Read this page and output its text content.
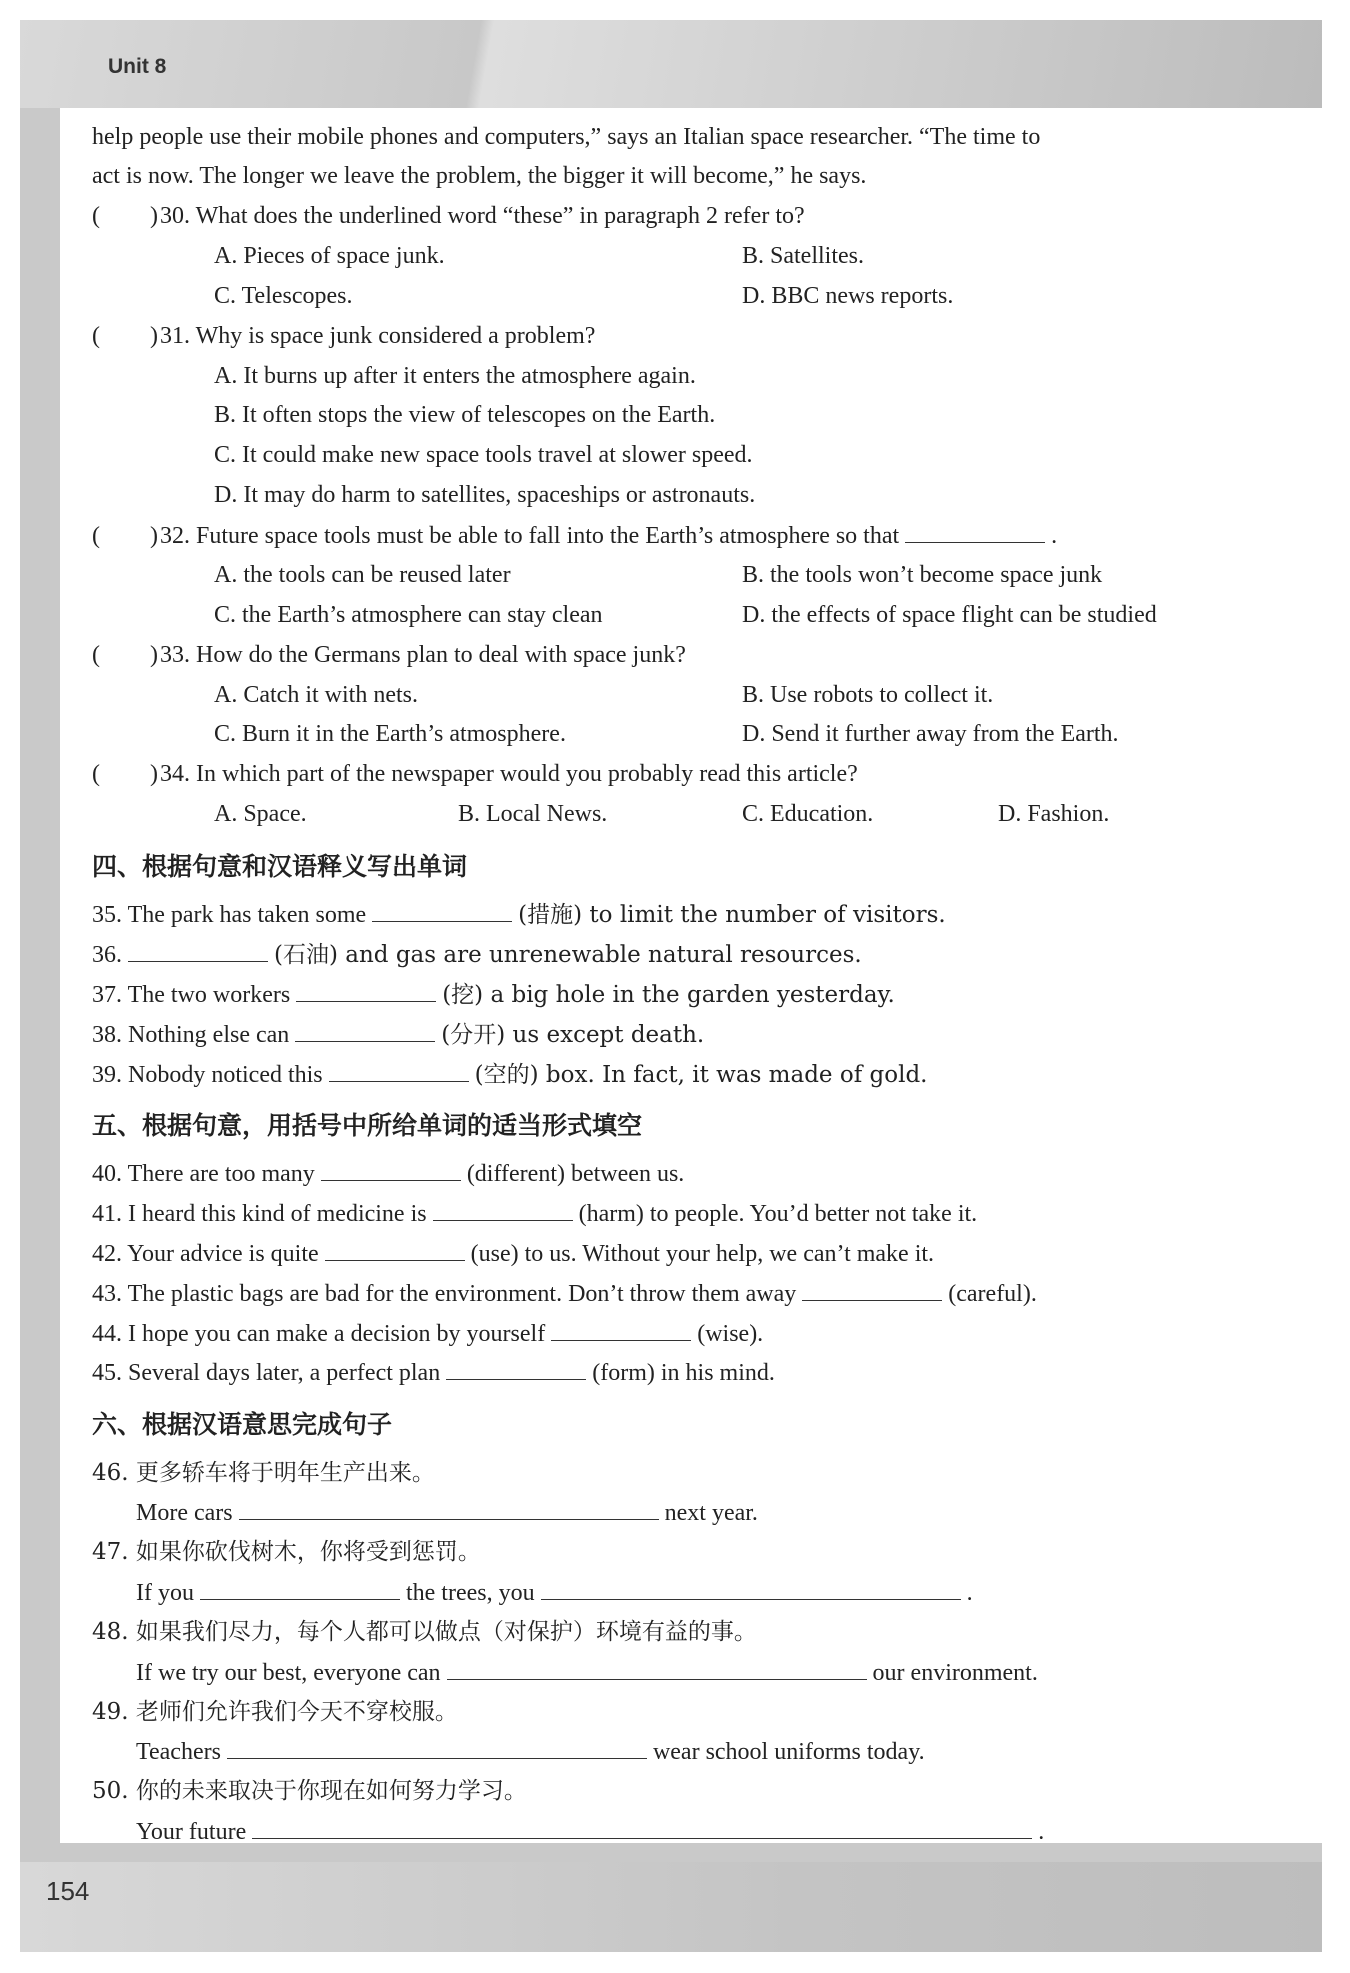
Unit 8
154
help people use their mobile phones and computers,” says an Italian space researcher. “The time to
act is now. The longer we leave the problem, the bigger it will become,” he says.
( ) 30. What does the underlined word “these” in paragraph 2 refer to?
A. Pieces of space junk.	B. Satellites.
C. Telescopes.	D. BBC news reports.
( ) 31. Why is space junk considered a problem?
A. It burns up after it enters the atmosphere again.
B. It often stops the view of telescopes on the Earth.
C. It could make new space tools travel at slower speed.
D. It may do harm to satellites, spaceships or astronauts.
( ) 32. Future space tools must be able to fall into the Earth’s atmosphere so that	.
A. the tools can be reused later	B. the tools won’t become space junk
C. the Earth’s atmosphere can stay clean	D. the effects of space flight can be studied
( ) 33. How do the Germans plan to deal with space junk?
A. Catch it with nets.	B. Use robots to collect it.
C. Burn it in the Earth’s atmosphere.	D. Send it further away from the Earth.
( ) 34. In which part of the newspaper would you probably read this article?
A. Space.	B. Local News.	C. Education.	D. Fashion.
四、根据句意和汉语释义写出单词
35. The park has taken some	(措施) to limit the number of visitors.
36.	(石油) and gas are unrenewable natural resources.
37. The two workers	(挖) a big hole in the garden yesterday.
38. Nothing else can	(分开) us except death.
39. Nobody noticed this	(空的) box. In fact, it was made of gold.
五、根据句意，用括号中所给单词的适当形式填空
40. There are too many	(different) between us.
41. I heard this kind of medicine is	(harm) to people. You’d better not take it.
42. Your advice is quite	(use) to us. Without your help, we can’t make it.
43. The plastic bags are bad for the environment. Don’t throw them away	(careful).
44. I hope you can make a decision by yourself	(wise).
45. Several days later, a perfect plan	(form) in his mind.
六、根据汉语意思完成句子
46. 更多轿车将于明年生产出来。
More cars	next year.
47. 如果你砍伐树木，你将受到惩罚。
If you	the trees, you	.
48. 如果我们尽力，每个人都可以做点（对保护）环境有益的事。
If we try our best, everyone can	our environment.
49. 老师们允许我们今天不穿校服。
Teachers	wear school uniforms today.
50. 你的未来取决于你现在如何努力学习。
Your future	.
